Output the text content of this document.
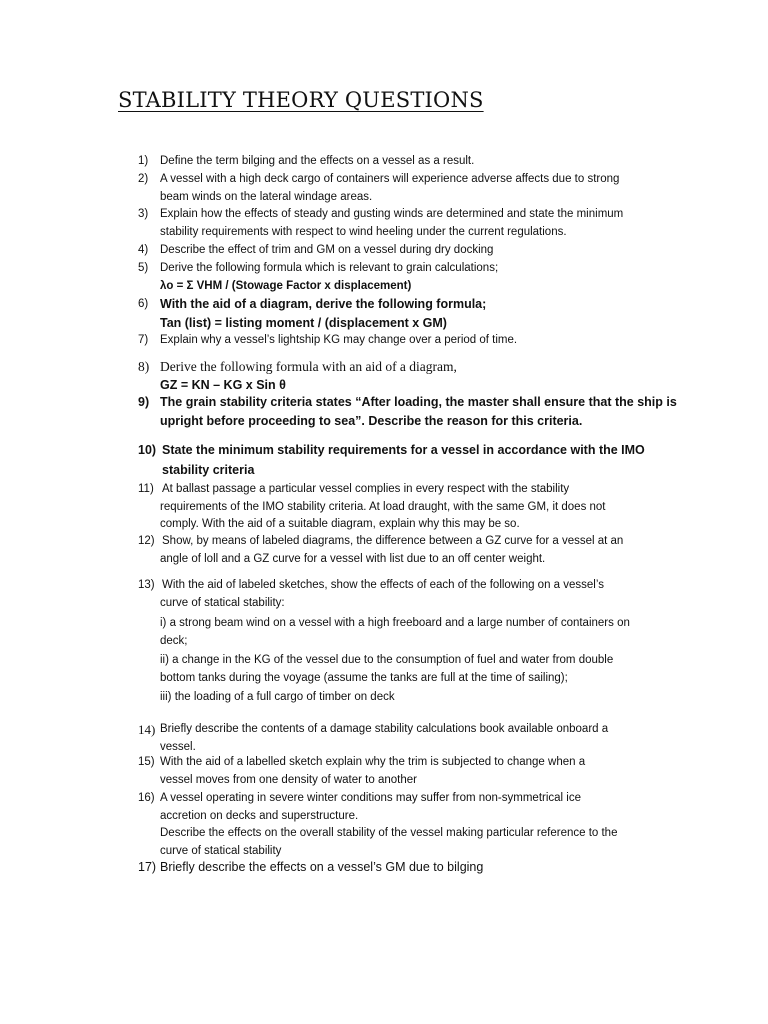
STABILITY THEORY QUESTIONS
1)	Define the term bilging and the effects on a vessel as a result.
2)	A vessel with a high deck cargo of containers will experience adverse affects due to strong
beam winds on the lateral windage areas.
3)	Explain how the effects of steady and gusting winds are determined and state the minimum
stability requirements with respect to wind heeling under the current regulations.
4)	Describe the effect of trim and GM on a vessel during dry docking
5)	Derive the following formula which is relevant to grain calculations;
λo = Σ VHM / (Stowage Factor x displacement)
6) With the aid of a diagram, derive the following formula;
Tan (list) = listing moment / (displacement x GM)
7)	Explain why a vessel’s lightship KG may change over a period of time.
8) Derive the following formula with an aid of a diagram,
GZ = KN – KG x Sin θ
9) The grain stability criteria states “After loading, the master shall ensure that the ship is
upright before proceeding to sea”. Describe the reason for this criteria.
10) State the minimum stability requirements for a vessel in accordance with the IMO
stability criteria
11) At ballast passage a particular vessel complies in every respect with the stability
requirements of the IMO stability criteria. At load draught, with the same GM, it does not
comply. With the aid of a suitable diagram, explain why this may be so.
12) Show, by means of labeled diagrams, the difference between a GZ curve for a vessel at an
angle of loll and a GZ curve for a vessel with list due to an off center weight.
13) With the aid of labeled sketches, show the effects of each of the following on a vessel’s
curve of statical stability:
i) a strong beam wind on a vessel with a high freeboard and a large number of containers on
deck;
ii) a change in the KG of the vessel due to the consumption of fuel and water from double
bottom tanks during the voyage (assume the tanks are full at the time of sailing);
iii) the loading of a full cargo of timber on deck
14) Briefly describe the contents of a damage stability calculations book available onboard a
vessel.
15) With the aid of a labelled sketch explain why the trim is subjected to change when a
vessel moves from one density of water to another
16) A vessel operating in severe winter conditions may suffer from non-symmetrical ice
accretion on decks and superstructure.
Describe the effects on the overall stability of the vessel making particular reference to the
curve of statical stability
17) Briefly describe the effects on a vessel’s GM due to bilging
